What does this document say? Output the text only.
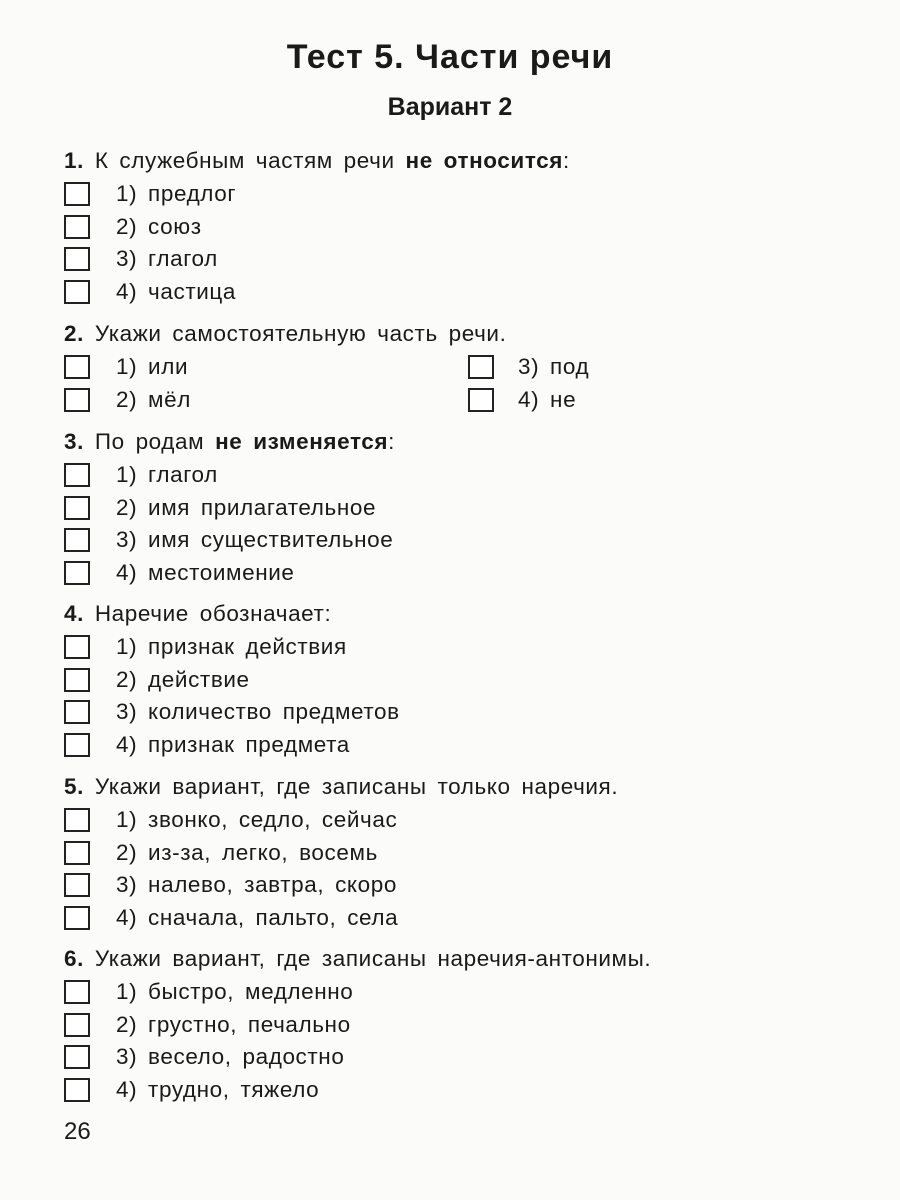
Тест 5. Части речи
Вариант 2
1. К служебным частям речи не относится:
1) предлог
2) союз
3) глагол
4) частица
2. Укажи самостоятельную часть речи.
1) или	3) под
2) мёл	4) не
3. По родам не изменяется:
1) глагол
2) имя прилагательное
3) имя существительное
4) местоимение
4. Наречие обозначает:
1) признак действия
2) действие
3) количество предметов
4) признак предмета
5. Укажи вариант, где записаны только наречия.
1) звонко, седло, сейчас
2) из-за, легко, восемь
3) налево, завтра, скоро
4) сначала, пальто, села
6. Укажи вариант, где записаны наречия-антонимы.
1) быстро, медленно
2) грустно, печально
3) весело, радостно
4) трудно, тяжело

26
